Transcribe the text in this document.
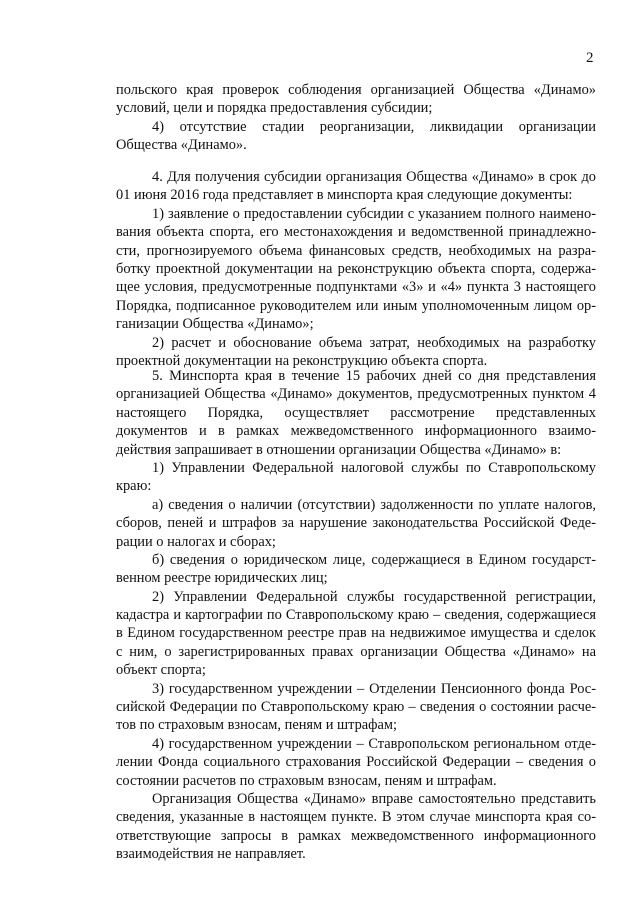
2
польского края проверок соблюдения организацией Общества «Динамо»
условий, цели и порядка предоставления субсидии;
4) отсутствие стадии реорганизации, ликвидации организации
Общества «Динамо».
4. Для получения субсидии организация Общества «Динамо» в срок до
01 июня 2016 года представляет в минспорта края следующие документы:
1) заявление о предоставлении субсидии с указанием полного наимено-
вания объекта спорта, его местонахождения и ведомственной принадлежно-
сти, прогнозируемого объема финансовых средств, необходимых на разра-
ботку проектной документации на реконструкцию объекта спорта, содержа-
щее условия, предусмотренные подпунктами «3» и «4» пункта 3 настоящего
Порядка, подписанное руководителем или иным уполномоченным лицом ор-
ганизации Общества «Динамо»;
2) расчет и обоснование объема затрат, необходимых на разработку
проектной документации на реконструкцию объекта спорта.
5. Минспорта края в течение 15 рабочих дней со дня представления
организацией Общества «Динамо» документов, предусмотренных пунктом 4
настоящего Порядка, осуществляет рассмотрение представленных
документов и в рамках межведомственного информационного взаимо-
действия запрашивает в отношении организации Общества «Динамо» в:
1) Управлении Федеральной налоговой службы по Ставропольскому
краю:
а) сведения о наличии (отсутствии) задолженности по уплате налогов,
сборов, пеней и штрафов за нарушение законодательства Российской Феде-
рации о налогах и сборах;
б) сведения о юридическом лице, содержащиеся в Едином государст-
венном реестре юридических лиц;
2) Управлении Федеральной службы государственной регистрации,
кадастра и картографии по Ставропольскому краю – сведения, содержащиеся
в Едином государственном реестре прав на недвижимое имущества и сделок
с ним, о зарегистрированных правах организации Общества «Динамо» на
объект спорта;
3) государственном учреждении – Отделении Пенсионного фонда Рос-
сийской Федерации по Ставропольскому краю – сведения о состоянии расче-
тов по страховым взносам, пеням и штрафам;
4) государственном учреждении – Ставропольском региональном отде-
лении Фонда социального страхования Российской Федерации – сведения о
состоянии расчетов по страховым взносам, пеням и штрафам.
Организация Общества «Динамо» вправе самостоятельно представить
сведения, указанные в настоящем пункте. В этом случае минспорта края со-
ответствующие запросы в рамках межведомственного информационного
взаимодействия не направляет.
